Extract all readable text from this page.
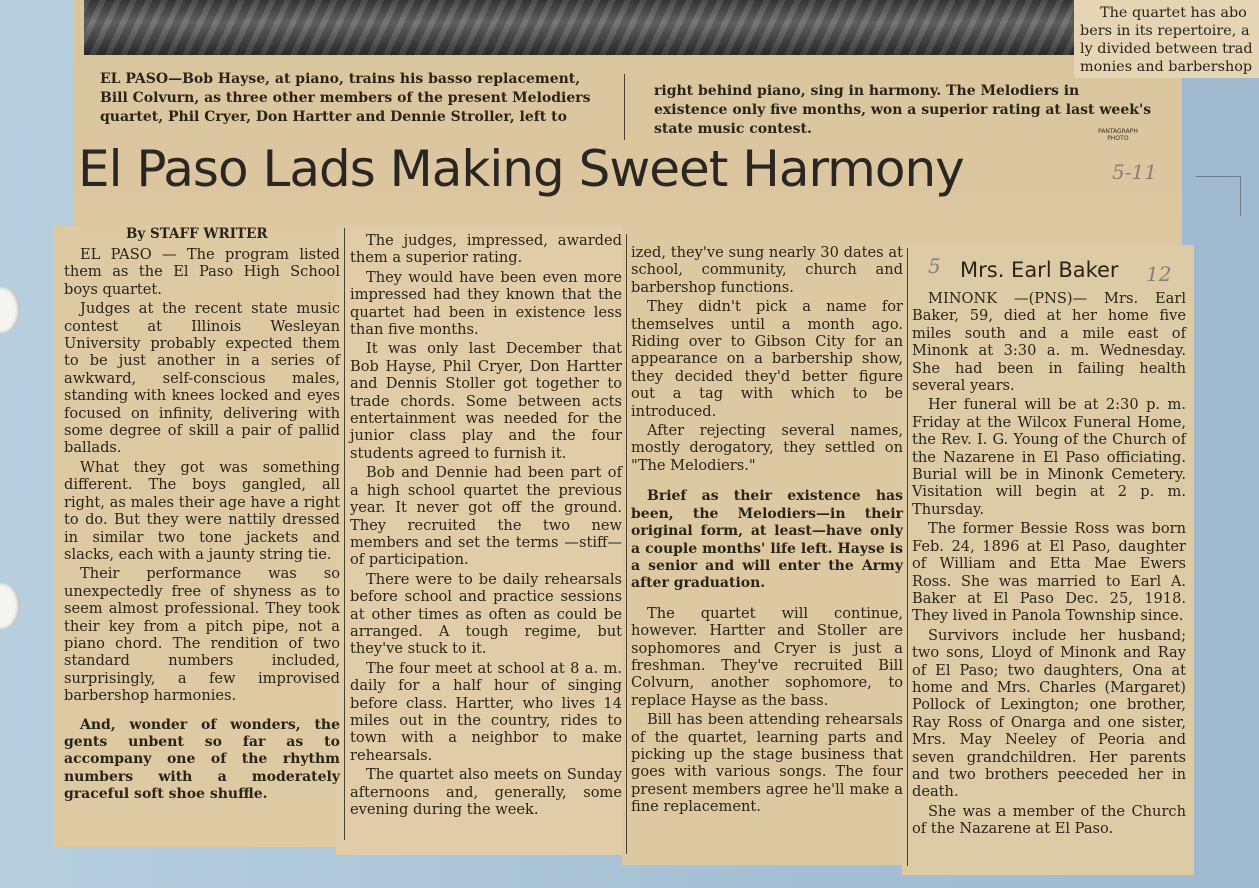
The quartet has abo
bers in its repertoire, a
ly divided between trad
monies and barbershop
EL PASO—Bob Hayse, at piano, trains his basso replacement, Bill Colvurn, as three other members of the present Melodiers quartet, Phil Cryer, Don Hartter and Dennie Stroller, left to
right behind piano, sing in harmony. The Melodiers in existence only five months, won a superior rating at last week's state music contest.	PANTAGRAPH
PHOTO
El Paso Lads Making Sweet Harmony	5-11
By STAFF WRITER

EL PASO — The program listed them as the El Paso High School boys quartet.

Judges at the recent state music contest at Illinois Wesleyan University probably expected them to be just another in a series of awkward, self-conscious males, standing with knees locked and eyes focused on infinity, delivering with some degree of skill a pair of pallid ballads.

What they got was something different. The boys gangled, all right, as males their age have a right to do. But they were nattily dressed in similar two tone jackets and slacks, each with a jaunty string tie.

Their performance was so unexpectedly free of shyness as to seem almost professional. They took their key from a pitch pipe, not a piano chord. The rendition of two standard numbers included, surprisingly, a few improvised barbershop harmonies.

And, wonder of wonders, the gents unbent so far as to accompany one of the rhythm numbers with a moderately graceful soft shoe shuffle.

The judges, impressed, awarded them a superior rating.

They would have been even more impressed had they known that the quartet had been in existence less than five months.

It was only last December that Bob Hayse, Phil Cryer, Don Hartter and Dennis Stoller got together to trade chords. Some between acts entertainment was needed for the junior class play and the four students agreed to furnish it.

Bob and Dennie had been part of a high school quartet the previous year. It never got off the ground. They recruited the two new members and set the terms —stiff—of participation.

There were to be daily rehearsals before school and practice sessions at other times as often as could be arranged. A tough regime, but they've stuck to it.

The four meet at school at 8 a. m. daily for a half hour of singing before class. Hartter, who lives 14 miles out in the country, rides to town with a neighbor to make rehearsals.

The quartet also meets on Sunday afternoons and, generally, some evening during the week.

ized, they've sung nearly 30 dates at school, community, church and barbershop functions.

They didn't pick a name for themselves until a month ago. Riding over to Gibson City for an appearance on a barbership show, they decided they'd better figure out a tag with which to be introduced.

After rejecting several names, mostly derogatory, they settled on "The Melodiers."

Brief as their existence has been, the Melodiers—in their original form, at least—have only a couple months' life left. Hayse is a senior and will enter the Army after graduation.

The quartet will continue, however. Hartter and Stoller are sophomores and Cryer is just a freshman. They've recruited Bill Colvurn, another sophomore, to replace Hayse as the bass.

Bill has been attending rehearsals of the quartet, learning parts and picking up the stage business that goes with various songs. The four present members agree he'll make a fine replacement.

5 Mrs. Earl Baker 12

MINONK —(PNS)— Mrs. Earl Baker, 59, died at her home five miles south and a mile east of Minonk at 3:30 a. m. Wednesday. She had been in failing health several years.

Her funeral will be at 2:30 p. m. Friday at the Wilcox Funeral Home, the Rev. I. G. Young of the Church of the Nazarene in El Paso officiating. Burial will be in Minonk Cemetery. Visitation will begin at 2 p. m. Thursday.

The former Bessie Ross was born Feb. 24, 1896 at El Paso, daughter of William and Etta Mae Ewers Ross. She was married to Earl A. Baker at El Paso Dec. 25, 1918. They lived in Panola Township since.

Survivors include her husband; two sons, Lloyd of Minonk and Ray of El Paso; two daughters, Ona at home and Mrs. Charles (Margaret) Pollock of Lexington; one brother, Ray Ross of Onarga and one sister, Mrs. May Neeley of Peoria and seven grandchildren. Her parents and two brothers peeceded her in death.

She was a member of the Church of the Nazarene at El Paso.
